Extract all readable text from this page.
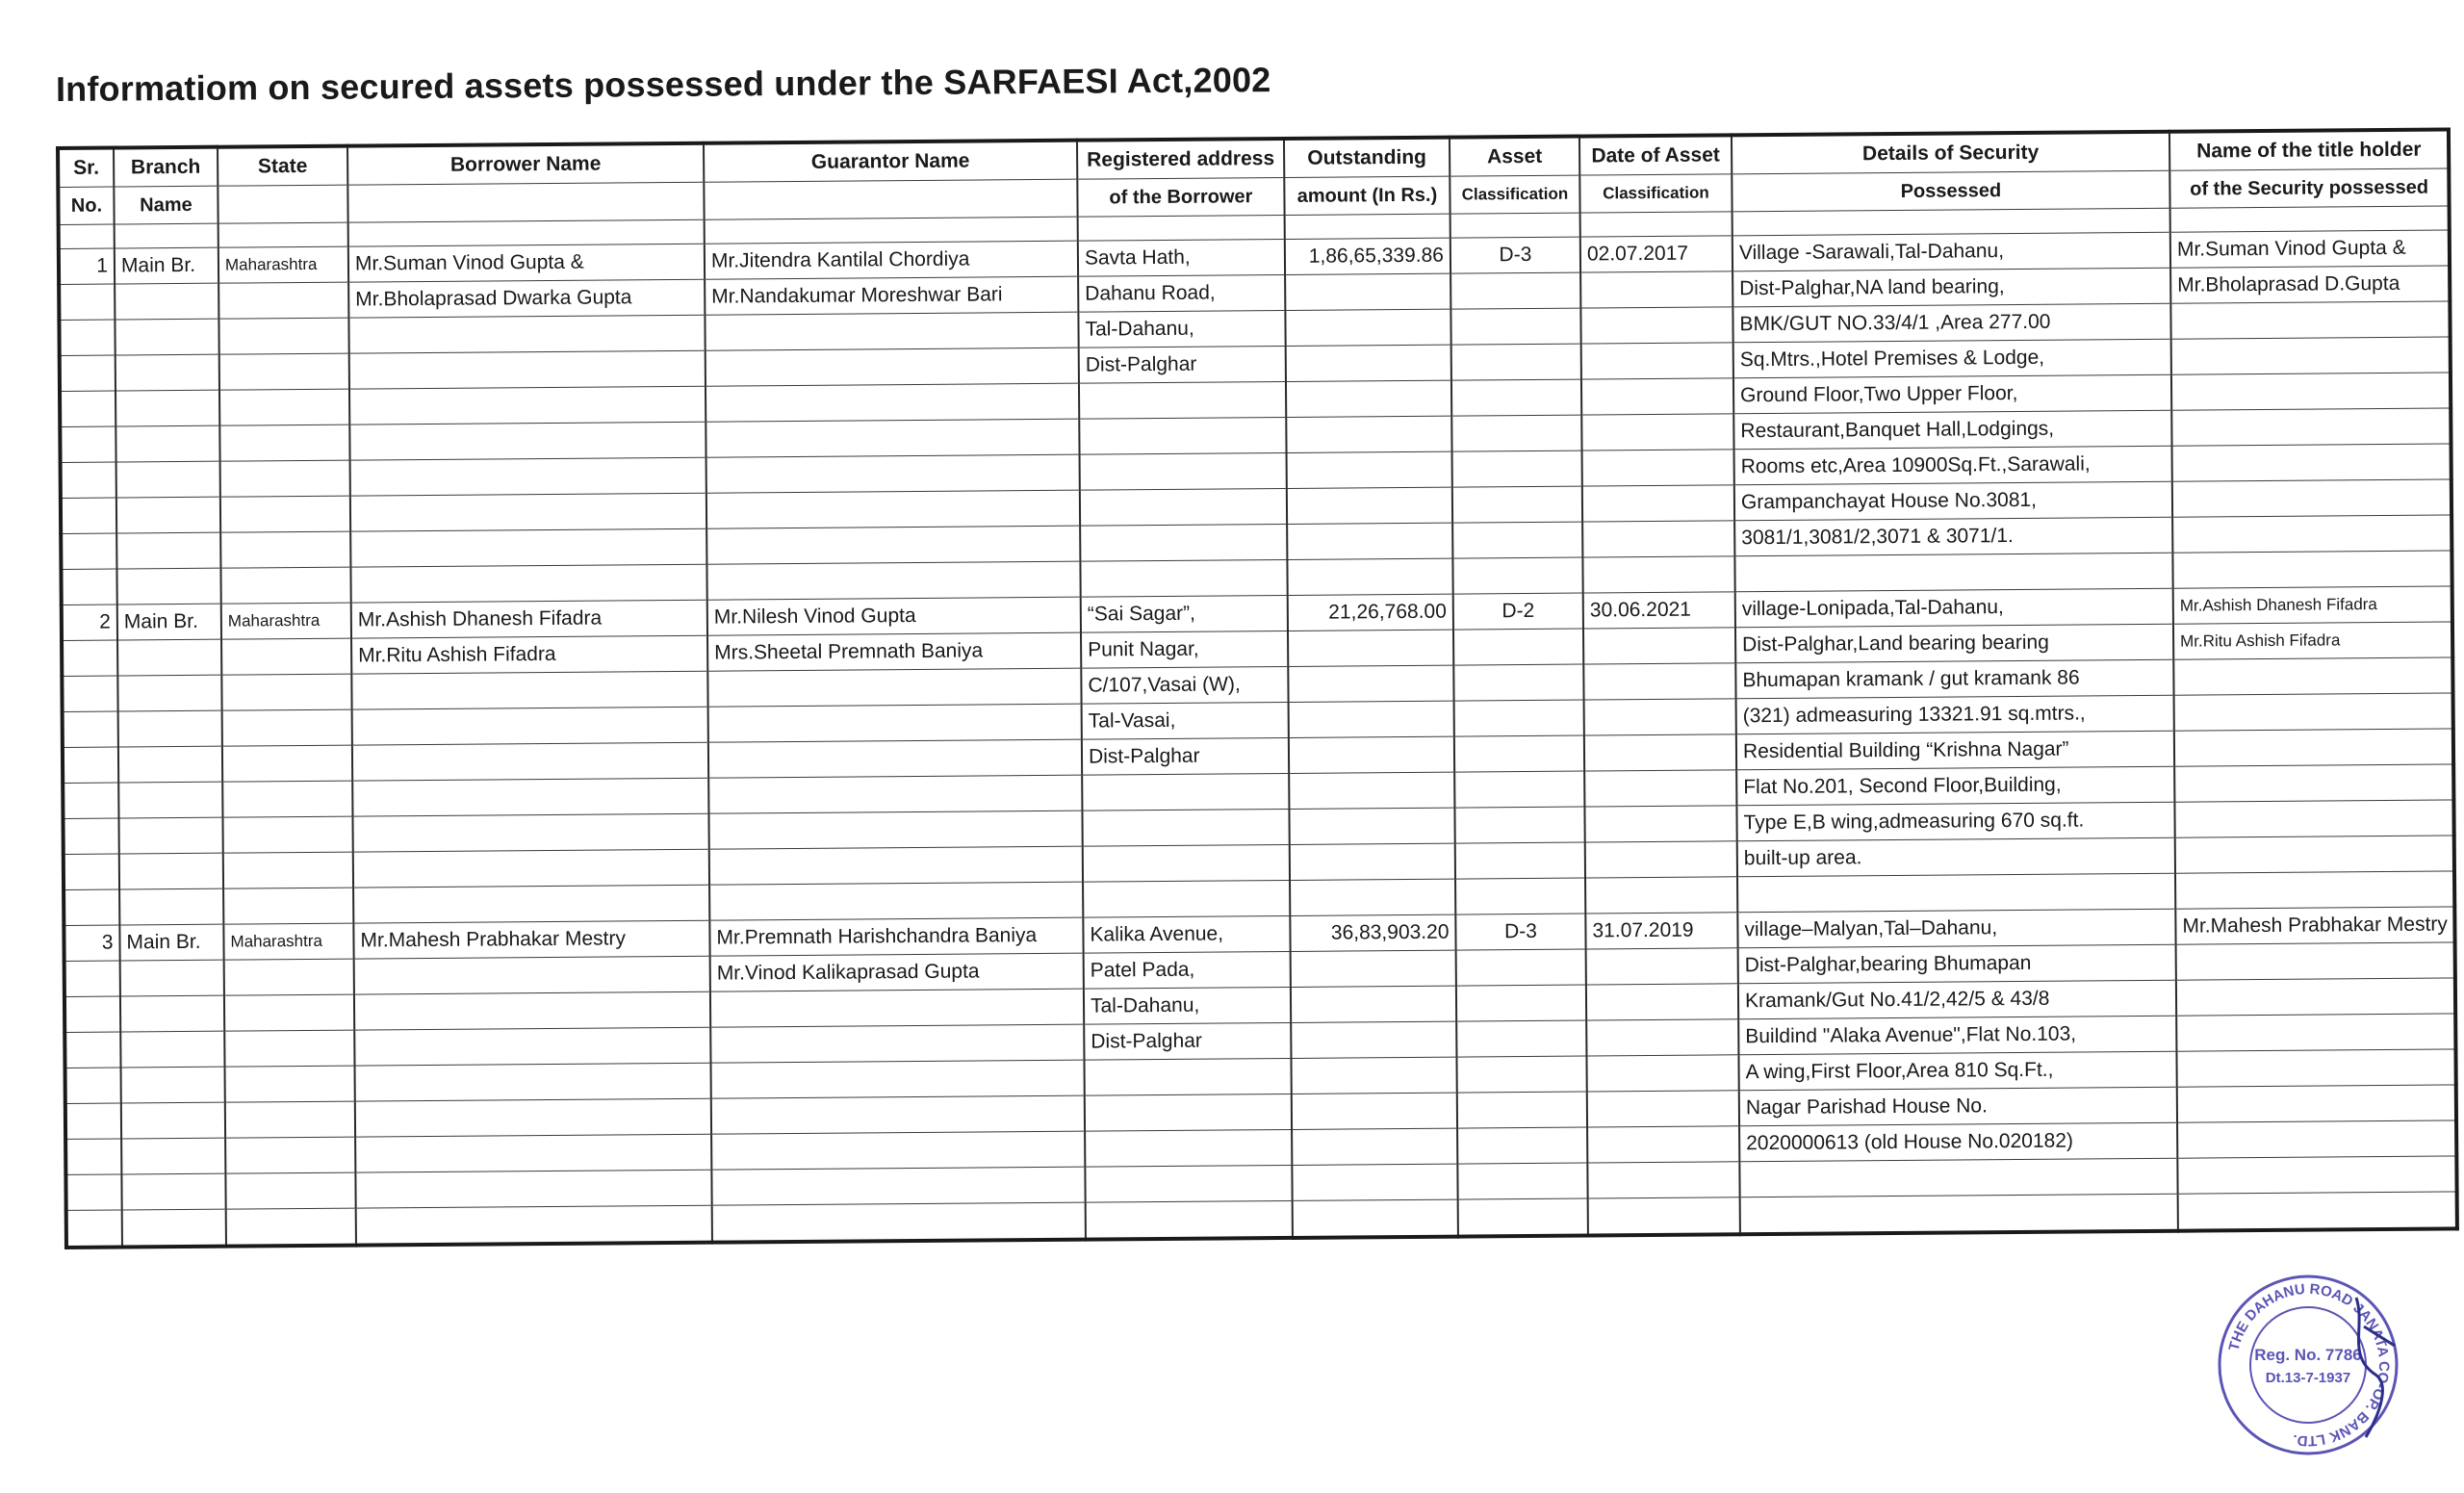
Informatiom on secured assets possessed under the SARFAESI Act,2002
Sr.	Branch	State	Borrower Name	Guarantor Name	Registered address	Outstanding	Asset	Date of Asset	Details of Security	Name of the title holder
No.	Name				of the Borrower	amount (In Rs.)	Classification	Classification	Possessed	of the Security possessed

1	Main Br.	Maharashtra	Mr.Suman Vinod Gupta &	Mr.Jitendra Kantilal Chordiya	Savta Hath,	1,86,65,339.86	D-3	02.07.2017	Village -Sarawali,Tal-Dahanu,	Mr.Suman Vinod Gupta &
			Mr.Bholaprasad Dwarka Gupta	Mr.Nandakumar Moreshwar Bari	Dahanu Road,				Dist-Palghar,NA land bearing,	Mr.Bholaprasad D.Gupta
					Tal-Dahanu,				BMK/GUT NO.33/4/1 ,Area 277.00	
					Dist-Palghar				Sq.Mtrs.,Hotel Premises & Lodge,	
									Ground Floor,Two Upper Floor,	
									Restaurant,Banquet Hall,Lodgings,	
									Rooms etc,Area 10900Sq.Ft.,Sarawali,	
									Grampanchayat House No.3081,	
									3081/1,3081/2,3071 & 3071/1.	

2	Main Br.	Maharashtra	Mr.Ashish Dhanesh Fifadra	Mr.Nilesh Vinod Gupta	“Sai Sagar”,	21,26,768.00	D-2	30.06.2021	village-Lonipada,Tal-Dahanu,	Mr.Ashish Dhanesh Fifadra
			Mr.Ritu Ashish Fifadra	Mrs.Sheetal Premnath Baniya	Punit Nagar,				Dist-Palghar,Land bearing bearing	Mr.Ritu Ashish Fifadra
					C/107,Vasai (W),				Bhumapan kramank / gut kramank 86	
					Tal-Vasai,				(321) admeasuring 13321.91 sq.mtrs.,	
					Dist-Palghar				Residential Building “Krishna Nagar”	
									Flat No.201, Second Floor,Building,	
									Type E,B wing,admeasuring 670 sq.ft.	
									built-up area.	

3	Main Br.	Maharashtra	Mr.Mahesh Prabhakar Mestry	Mr.Premnath Harishchandra Baniya	Kalika Avenue,	36,83,903.20	D-3	31.07.2019	village–Malyan,Tal–Dahanu,	Mr.Mahesh Prabhakar Mestry
				Mr.Vinod Kalikaprasad Gupta	Patel Pada,				Dist-Palghar,bearing Bhumapan	
					Tal-Dahanu,				Kramank/Gut No.41/2,42/5 & 43/8	
					Dist-Palghar				Buildind "Alaka Avenue",Flat No.103,	
									A wing,First Floor,Area 810 Sq.Ft.,	
									Nagar Parishad House No.	
									2020000613 (old House No.020182)	

THE DAHANU ROAD JANATA CO-OP. BANK LTD.
Reg. No. 7786
Dt.13-7-1937
